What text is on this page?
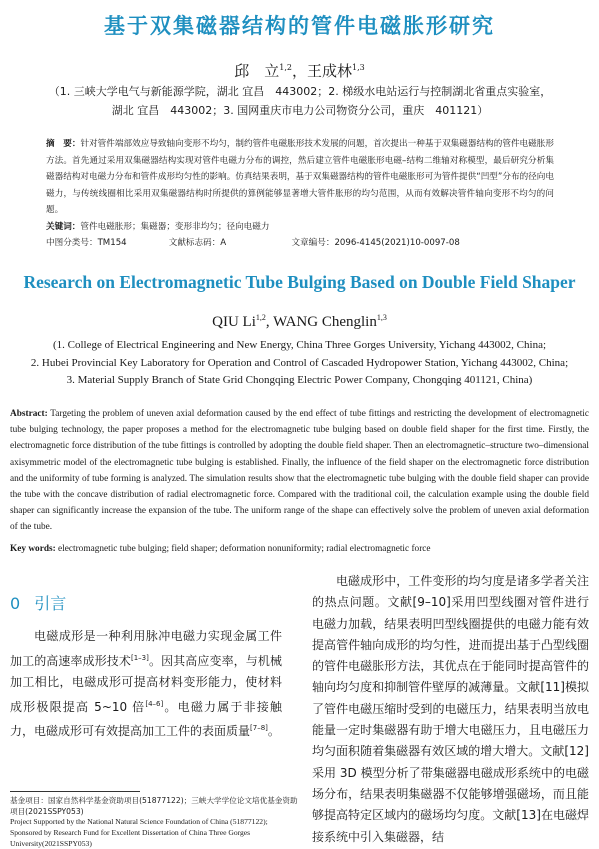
基于双集磁器结构的管件电磁胀形研究
邱　立$^{1,2}$，王成林$^{1,3}$
（1. 三峡大学电气与新能源学院，湖北 宜昌　443002；2. 梯级水电站运行与控制湖北省重点实验室，
湖北 宜昌　443002；3. 国网重庆市电力公司物资分公司，重庆　401121）
摘　要：针对管件端部效应导致轴向变形不均匀，制约管件电磁胀形技术发展的问题，首次提出一种基于双集磁器结构的管件电磁胀形方法。首先通过采用双集磁器结构实现对管件电磁力分布的调控，然后建立管件电磁胀形电磁–结构二维轴对称模型，最后研究分析集磁器结构对电磁力分布和管件成形均匀性的影响。仿真结果表明，基于双集磁器结构的管件电磁胀形可为管件提供“凹型”分布的径向电磁力，与传统线圈相比采用双集磁器结构时所提供的算例能够显著增大管件胀形的均匀范围，从而有效解决管件轴向变形不均匀的问题。
关键词：管件电磁胀形；集磁器；变形非均匀；径向电磁力
中图分类号：TM154	文献标志码：A	文章编号：2096-4145(2021)10-0097-08
Research on Electromagnetic Tube Bulging Based on Double Field Shaper
QIU Li$^{1,2}$, WANG Chenglin$^{1,3}$
(1. College of Electrical Engineering and New Energy, China Three Gorges University, Yichang 443002, China;
2. Hubei Provincial Key Laboratory for Operation and Control of Cascaded Hydropower Station, Yichang 443002, China;
3. Material Supply Branch of State Grid Chongqing Electric Power Company, Chongqing 401121, China)
Abstract: Targeting the problem of uneven axial deformation caused by the end effect of tube fittings and restricting the development of electromagnetic tube bulging technology, the paper proposes a method for the electromagnetic tube bulging based on double field shaper for the first time. Firstly, the electromagnetic force distribution of the tube fittings is controlled by adopting the double field shaper. Then an electromagnetic–structure two–dimensional axisymmetric model of the electromagnetic tube bulging is established. Finally, the influence of the field shaper on the electromagnetic force distribution and the uniformity of tube forming is analyzed. The simulation results show that the electromagnetic tube bulging with the double field shaper can provide the tube with the concave distribution of radial electromagnetic force. Compared with the traditional coil, the calculation example using the double field shaper can significantly increase the expansion of the tube. The uniform range of the shape can effectively solve the problem of uneven axial deformation of the tube.
Key words: electromagnetic tube bulging; field shaper; deformation nonuniformity; radial electromagnetic force
0 引言
电磁成形是一种利用脉冲电磁力实现金属工件加工的高速率成形技术[1–3]。因其高应变率，与机械加工相比，电磁成形可提高材料变形能力，使材料成形极限提高 5~10 倍[4–6]。电磁力属于非接触力，电磁成形可有效提高加工工件的表面质量[7–8]。
电磁成形中，工件变形的均匀度是诸多学者关注的热点问题。文献[9–10]采用凹型线圈对管件进行电磁力加载，结果表明凹型线圈提供的电磁力能有效提高管件轴向成形的均匀性，进而提出基于凸型线圈的管件电磁胀形方法，其优点在于能同时提高管件的轴向均匀度和抑制管件壁厚的减薄量。文献[11]模拟了管件电磁压缩时受到的电磁压力，结果表明当放电能量一定时集磁器有助于增大电磁压力，且电磁压力均匀面积随着集磁器有效区域的增大增大。文献[12]采用 3D 模型分析了带集磁器电磁成形系统中的电磁场分布，结果表明集磁器不仅能够增强磁场，而且能够提高特定区域内的磁场均匀度。文献[13]在电磁焊接系统中引入集磁器，结
基金项目：国家自然科学基金资助项目(51877122)；三峡大学学位论文培优基金资助项目(2021SSPY053)
Project Supported by the National Natural Science Foundation of China (51877122); Sponsored by Research Fund for Excellent Dissertation of China Three Gorges University(2021SSPY053)
